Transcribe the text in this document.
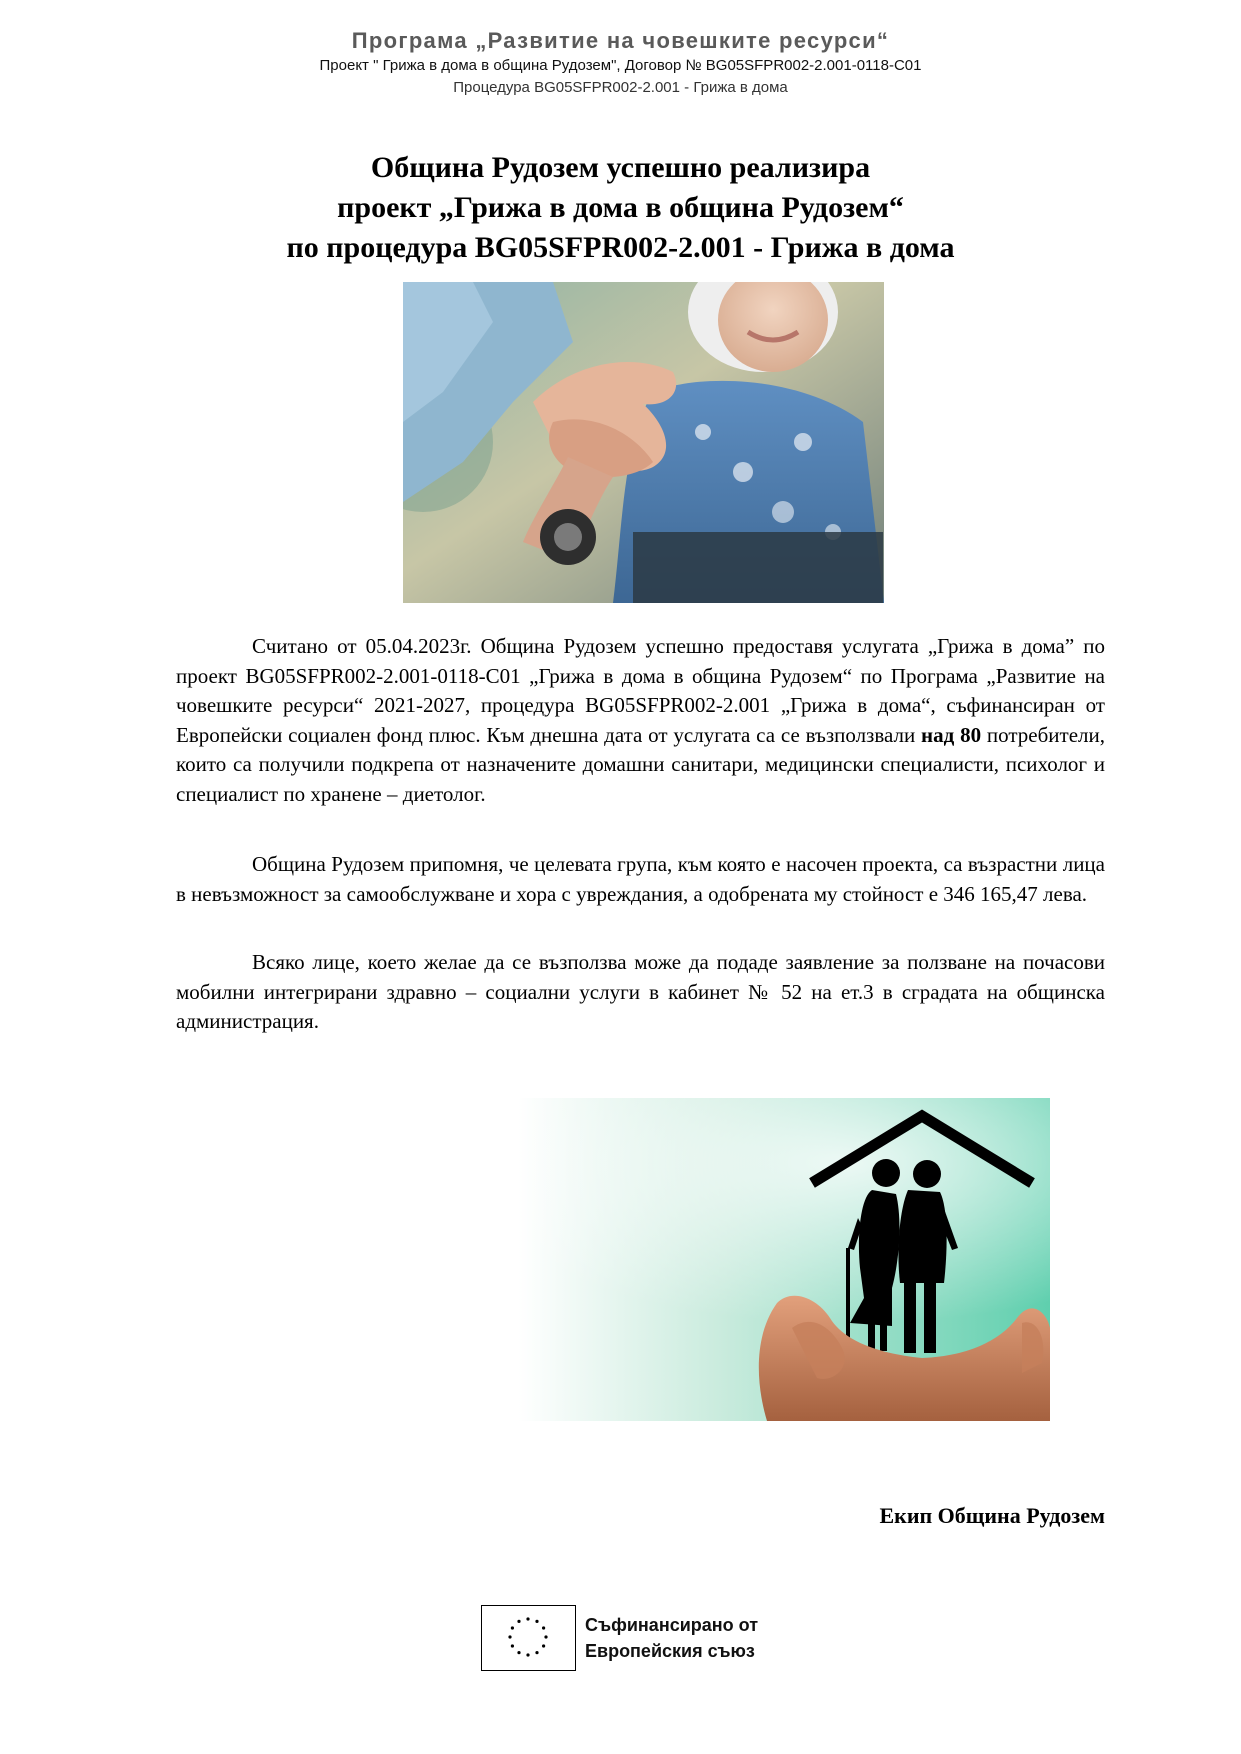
Програма „Развитие на човешките ресурси“
Проект " Грижа в дома в община Рудозем", Договор № BG05SFPR002-2.001-0118-C01
Процедура BG05SFPR002-2.001 - Грижа в дома
Община Рудозем успешно реализира
проект „Грижа в дома в община Рудозем“
по процедура BG05SFPR002-2.001 - Грижа в дома

Считано от 05.04.2023г. Община Рудозем успешно предоставя услугата „Грижа в дома” по проект BG05SFPR002-2.001-0118-C01 „Грижа в дома в община Рудозем“ по Програма „Развитие на човешките ресурси“ 2021-2027, процедура BG05SFPR002-2.001 „Грижа в дома“, съфинансиран от Европейски социален фонд плюс. Към днешна дата от услугата са се възползвали над 80 потребители, които са получили подкрепа от назначените домашни санитари, медицински специалисти, психолог и специалист по хранене – диетолог.

Община Рудозем припомня, че целевата група, към която е насочен проекта, са възрастни лица в невъзможност за самообслужване и хора с увреждания, а одобрената му стойност е 346 165,47 лева.

Всяко лице, което желае да се възползва може да подаде заявление за ползване на почасови мобилни интегрирани здравно – социални услуги в кабинет № 52 на ет.3 в сградата на общинска администрация.

Екип Община Рудозем
Съфинансирано от
Европейския съюз
